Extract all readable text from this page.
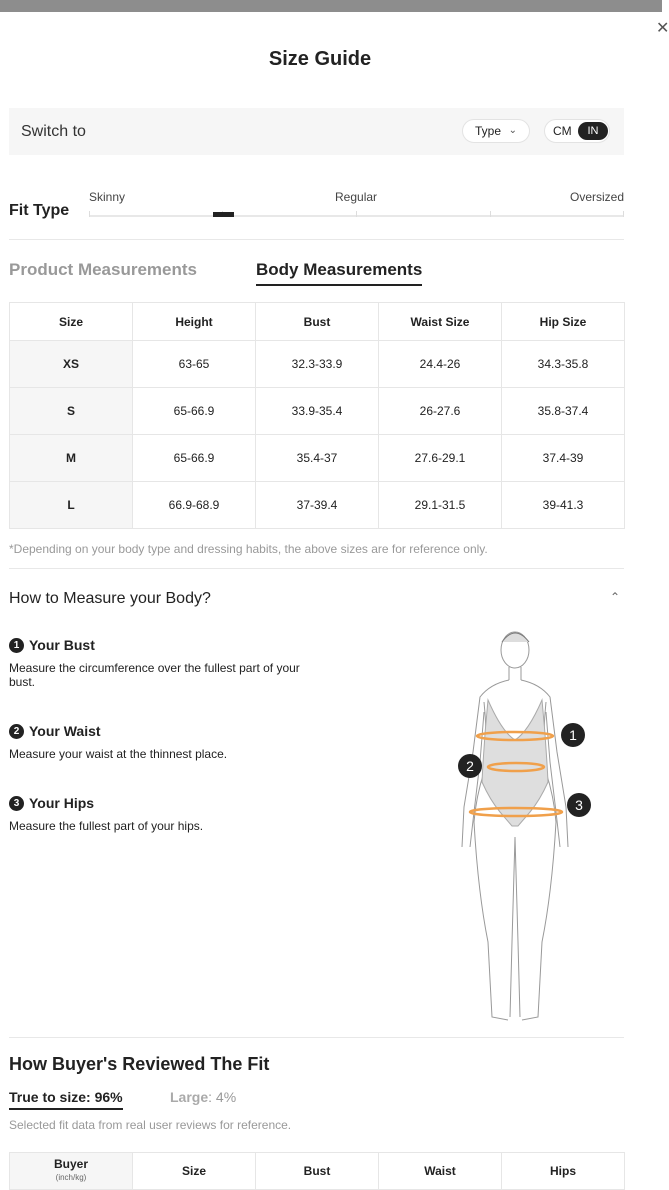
✕
Size Guide
Switch to	Type ⌄	CM	IN
Fit Type
Skinny	Regular	Oversized
Product Measurements	Body Measurements
Size	Height	Bust	Waist Size	Hip Size
XS	63-65	32.3-33.9	24.4-26	34.3-35.8
S	65-66.9	33.9-35.4	26-27.6	35.8-37.4
M	65-66.9	35.4-37	27.6-29.1	37.4-39
L	66.9-68.9	37-39.4	29.1-31.5	39-41.3
*Depending on your body type and dressing habits, the above sizes are for reference only.
How to Measure your Body?	⌃
1 Your Bust
Measure the circumference over the fullest part of your bust.
2 Your Waist
Measure your waist at the thinnest place.
3 Your Hips
Measure the fullest part of your hips.
1
2
3
How Buyer's Reviewed The Fit
True to size: 96%	Large: 4%
Selected fit data from real user reviews for reference.
Buyer
(inch/kg)	Size	Bust	Waist	Hips
